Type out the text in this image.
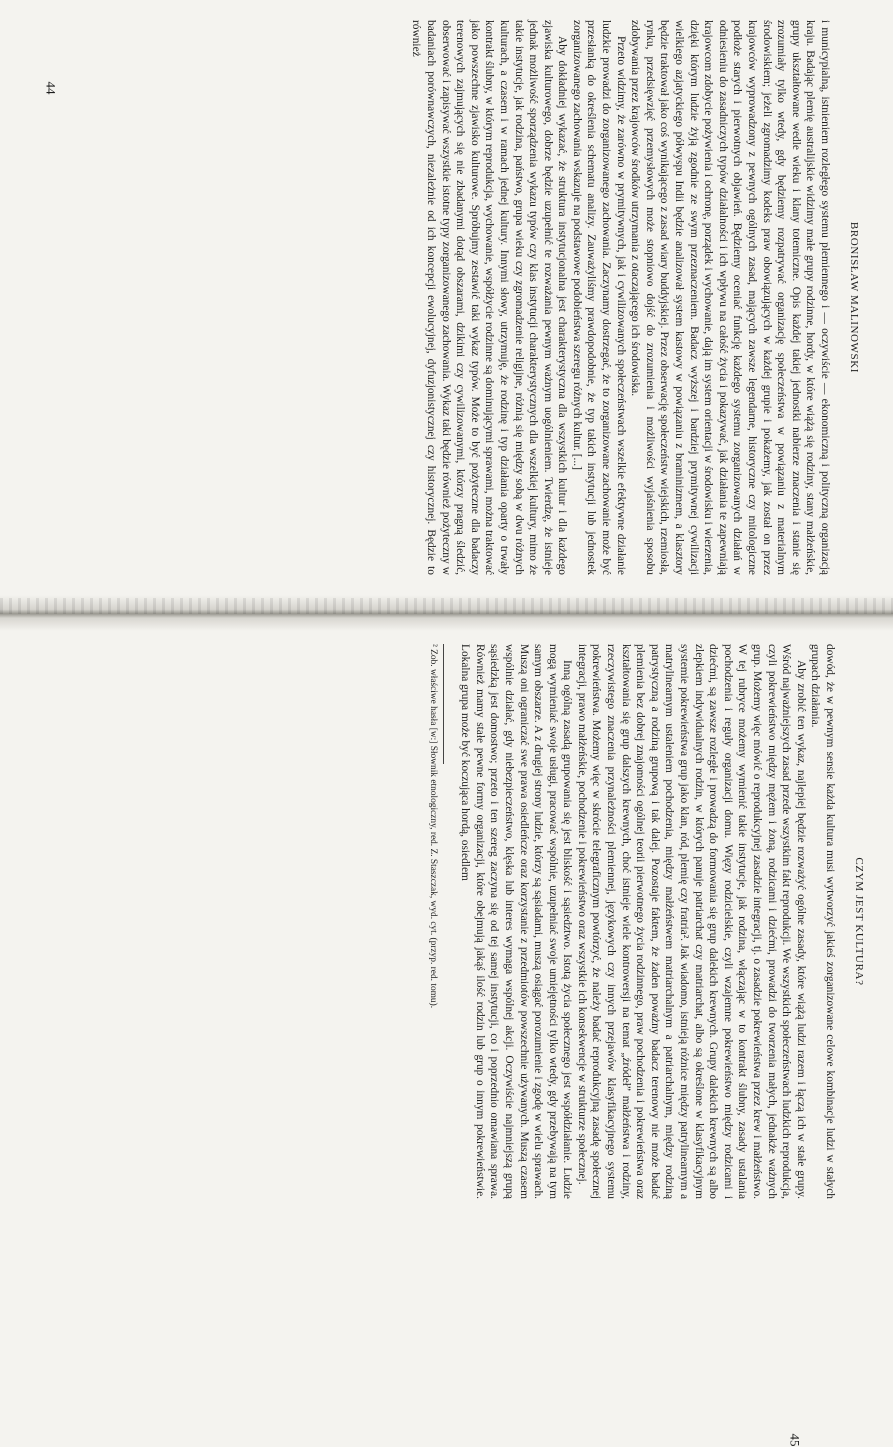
44
BRONISŁAW MALINOWSKI

i municypialną, istnieniem rozległego systemu plemiennego i — oczywiście — ekonomiczną i polityczną organizacją kraju. Badając plemię australijskie widzimy małe grupy rodzinne, hordy, w które wiążą się rodziny, stany małżeńskie, grupy ukształtowane wedle wieku i klany totemiczne. Opis każdej takiej jednostki nabierze znaczenia i stanie się zrozumiały tylko wtedy, gdy będziemy rozpatrywać organizację społeczeństwa w powiązaniu z materialnym środowiskiem; jeżeli zgromadzimy kodeks praw obowiązujących w każdej grupie i pokażemy, jak został on przez krajowców wyprowadzony z pewnych ogólnych zasad, mających zawsze legendarne, historyczne czy mitologiczne podłoże starych i pierwotnych objawień. Będziemy oceniać funkcję każdego systemu zorganizowanych działań w odniesieniu do zasadniczych typów działalności i ich wpływu na całość życia i pokazywać, jak działania te zapewniają krajowcom zdobycie pożywienia i ochronę, porządek i wychowanie, dają im system orientacji w środowisku i wierzenia, dzięki którym ludzie żyją zgodnie ze swym przeznaczeniem. Badacz wyższej i bardziej prymitywnej cywilizacji wielkiego azjatyckiego półwyspu Indii będzie analizował system kastowy w powiązaniu z braminizmem, a klasztory będzie traktował jako coś wynikającego z zasad wiary buddyjskiej. Przez obserwację społeczeństw wiejskich, rzemiosła, rynku, przedsięwzięć przemysłowych może stopniowo dojść do zrozumienia i możliwości wyjaśnienia sposobu zdobywania przez krajowców środków utrzymania z otaczającego ich środowiska.

Przeto widzimy, że zarówno w prymitywnych, jak i cywilizowanych społeczeństwach wszelkie efektywne działanie ludzkie prowadzi do zorganizowanego zachowania. Zaczynamy dostrzegać, że to zorganizowane zachowanie może być przesłanką do określenia schematu analizy. Zauważyliśmy prawdopodobnie, że typ takich instytucji lub jednostek zorganizowanego zachowania wskazuje na podstawowe podobieństwa szeregu różnych kultur. [...]

Aby dokładniej wykazać, że struktura instytucjonalna jest charakterystyczna dla wszystkich kultur i dla każdego zjawiska kulturowego, dobrze będzie uzupełnić te rozważania pewnym ważnym uogólnieniem. Twierdzę, że istnieje jednak możliwość sporządzenia wykazu typów czy klas instytucji charakterystycznych dla wszelkiej kultury, mimo że takie instytucje, jak rodzina, państwo, grupa wieku czy zgromadzenie religijne, różnią się między sobą w dwu różnych kulturach, a czasem i w ramach jednej kultury. Innymi słowy, utrzymuję, że rodzinę i typ działania oparty o trwały kontrakt ślubny, w którym reprodukcja, wychowanie, współżycie rodzinne są dominującymi sprawami, można traktować jako powszechne zjawisko kulturowe. Spróbujmy zestawić taki wykaz typów. Może to być pożyteczne dla badaczy terenowych zajmujących się nie zbadanymi dotąd obszarami, dzikimi czy cywilizowanymi, którzy pragną śledzić, obserwować i zapisywać wszystkie istotne typy zorganizowanego zachowania. Wykaz taki będzie również pożyteczny w badaniach porównawczych, niezależnie od ich koncepcji ewolucyjnej, dyfuzjonistycznej czy historycznej. Będzie to również

45
CZYM JEST KULTURA?

dowód, że w pewnym sensie każda kultura musi wytworzyć jakieś zorganizowane celowe kombinacje ludzi w stałych grupach działania.

Aby zrobić ten wykaz, najlepiej będzie rozważyć ogólne zasady, które wiążą ludzi razem i łączą ich w stałe grupy. Wśród najważniejszych zasad przede wszystkim fakt reprodukcji. We wszystkich społeczeństwach ludzkich reprodukcja, czyli pokrewieństwo między mężem i żoną, rodzicami i dziećmi, prowadzi do tworzenia małych, jednakże ważnych grup. Możemy więc mówić o reprodukcyjnej zasadzie integracji, tj. o zasadzie pokrewieństwa przez krew i małżeństwo. W tej rubryce możemy wymienić takie instytucje, jak rodzina, włączając w to kontrakt ślubny, zasady ustalania pochodzenia i reguły organizacji domu. Więzy rodzicielskie, czyli wzajemne pokrewieństwo między rodzicami i dziećmi, są zawsze rozległe i prowadzą do formowania się grup dalekich krewnych. Grupy dalekich krewnych są albo zlepkiem indywidualnych rodzin, w których panuje patriarchat czy matriarchat, albo są określone w klasyfikacyjnym systemie pokrewieństwa grup jako klan, ród, plemię czy fratria². Jak wiadomo, istnieją różnice między patrylinearnym a matrylinearnym ustaleniem pochodzenia, między małżeństwem matriarchalnym a patriarchalnym, między rodziną patrystyczną a rodziną grupową i tak dalej. Pozostaje faktem, że żaden poważny badacz terenowy nie może badać plemienia bez dobrej znajomości ogólnej teorii pierwotnego życia rodzinnego, praw pochodzenia i pokrewieństwa oraz kształtowania się grup dalszych krewnych, choć istnieje wiele kontrowersji na temat „źródeł” małżeństwa i rodziny, rzeczywistego znaczenia przynależności plemiennej, językowych czy innych przejawów klasyfikacyjnego systemu pokrewieństwa. Możemy więc w skrócie telegraficznym powtórzyć, że należy badać reprodukcyjną zasadę społecznej integracji, prawo małżeńskie, pochodzenie i pokrewieństwo oraz wszystkie ich konsekwencje w strukturze społecznej.

Inną ogólną zasadą grupowania się jest bliskość i sąsiedztwo. Istotą życia społecznego jest współdziałanie. Ludzie mogą wymieniać swoje usługi, pracować wspólnie, uzupełniać swoje umiejętności tylko wtedy, gdy przebywają na tym samym obszarze. A z drugiej strony ludzie, którzy są sąsiadami, muszą osiągać porozumienie i zgodę w wielu sprawach. Muszą oni ograniczać swe prawa osiedleńcze oraz korzystanie z przedmiotów powszechnie używanych. Muszą czasem wspólnie działać, gdy niebezpieczeństwo, klęska lub interes wymaga wspólnej akcji. Oczywiście najmniejszą grupą sąsiedzką jest domostwo; przeto i ten szereg zaczyna się od tej samej instytucji, co i poprzednio omawiana sprawa. Również mamy stałe pewne formy organizacji, które obejmują jakąś ilość rodzin lub grup o innym pokrewieństwie. Lokalna grupa może być koczująca hordą, osiedlem

² Zob. właściwe hasła [w:] Słownik etnologiczny, red. Z. Staszczak, wyd. cyt. (przyp. red. tomu).
